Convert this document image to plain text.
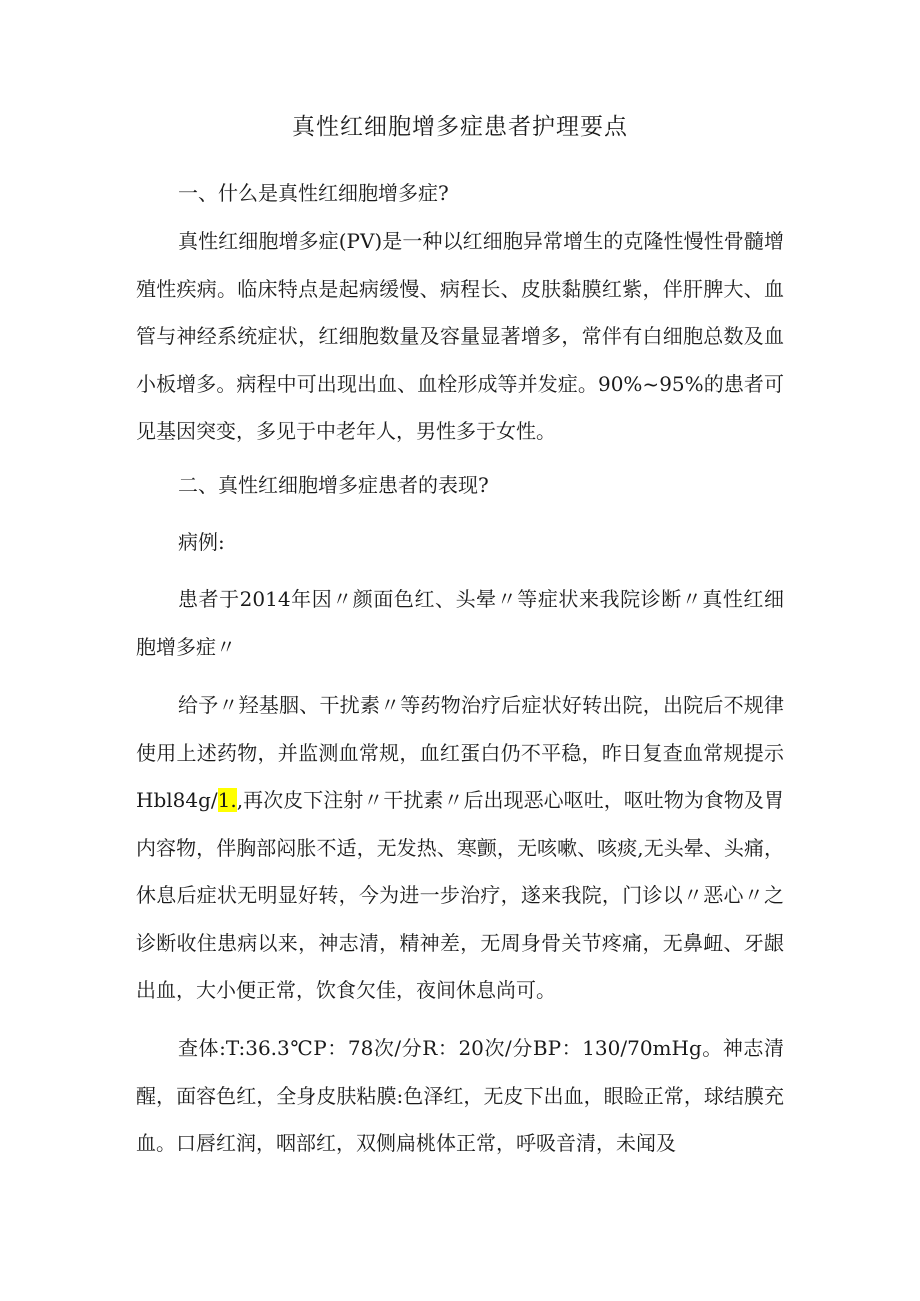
真性红细胞增多症患者护理要点

一、什么是真性红细胞增多症?

真性红细胞增多症(PV)是一种以红细胞异常增生的克隆性慢性骨髓增殖性疾病。临床特点是起病缓慢、病程长、皮肤黏膜红紫，伴肝脾大、血管与神经系统症状，红细胞数量及容量显著增多，常伴有白细胞总数及血小板增多。病程中可出现出血、血栓形成等并发症。90%~95%的患者可见基因突变，多见于中老年人，男性多于女性。

二、真性红细胞增多症患者的表现?

病例:

患者于2014年因〃颜面色红、头晕〃等症状来我院诊断〃真性红细胞增多症〃

给予〃羟基胭、干扰素〃等药物治疗后症状好转出院，出院后不规律使用上述药物，并监测血常规，血红蛋白仍不平稳，昨日复查血常规提示Hbl84g/1.,再次皮下注射〃干扰素〃后出现恶心呕吐，呕吐物为食物及胃内容物，伴胸部闷胀不适，无发热、寒颤，无咳嗽、咳痰,无头晕、头痛，休息后症状无明显好转，今为进一步治疗，遂来我院，门诊以〃恶心〃之诊断收住患病以来，神志清，精神差，无周身骨关节疼痛，无鼻衄、牙龈出血，大小便正常，饮食欠佳，夜间休息尚可。

查体:T:36.3℃P：78次/分R：20次/分BP：130/70mHg。神志清醒，面容色红，全身皮肤粘膜:色泽红，无皮下出血，眼睑正常，球结膜充血。口唇红润，咽部红，双侧扁桃体正常，呼吸音清，未闻及
